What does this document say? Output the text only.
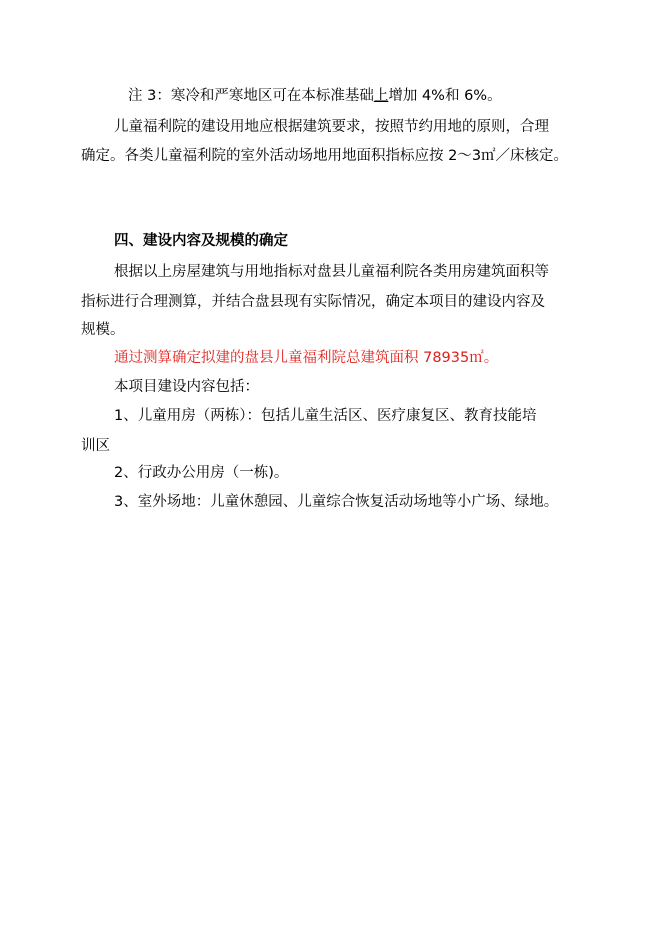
注 3：寒冷和严寒地区可在本标准基础上增加 4%和 6%。
儿童福利院的建设用地应根据建筑要求，按照节约用地的原则，合理
确定。各类儿童福利院的室外活动场地用地面积指标应按 2～3㎡／床核定。
四、建设内容及规模的确定
根据以上房屋建筑与用地指标对盘县儿童福利院各类用房建筑面积等
指标进行合理测算，并结合盘县现有实际情况，确定本项目的建设内容及
规模。
通过测算确定拟建的盘县儿童福利院总建筑面积 78935㎡。
本项目建设内容包括：
1、儿童用房（两栋）：包括儿童生活区、医疗康复区、教育技能培
训区
2、行政办公用房（一栋)。
3、室外场地：儿童休憩园、儿童综合恢复活动场地等小广场、绿地。
